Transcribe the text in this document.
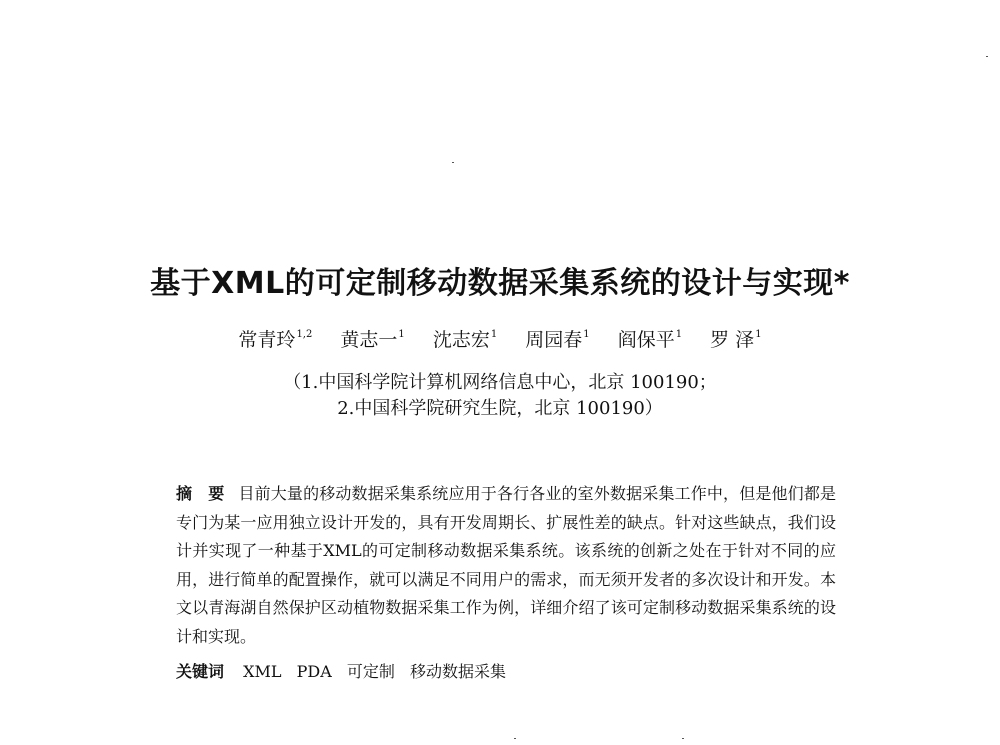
基于XML的可定制移动数据采集系统的设计与实现*
常青玲$^{1,2}$ 黄志一$^1$ 沈志宏$^1$ 周园春$^1$ 阎保平$^1$ 罗 泽$^1$
（1.中国科学院计算机网络信息中心，北京 100190；
2.中国科学院研究生院，北京 100190）
摘　要 目前大量的移动数据采集系统应用于各行各业的室外数据采集工作中，但是他们都是专门为某一应用独立设计开发的，具有开发周期长、扩展性差的缺点。针对这些缺点，我们设计并实现了一种基于XML的可定制移动数据采集系统。该系统的创新之处在于针对不同的应用，进行简单的配置操作，就可以满足不同用户的需求，而无须开发者的多次设计和开发。本文以青海湖自然保护区动植物数据采集工作为例，详细介绍了该可定制移动数据采集系统的设计和实现。
关键词 XML PDA 可定制 移动数据采集
